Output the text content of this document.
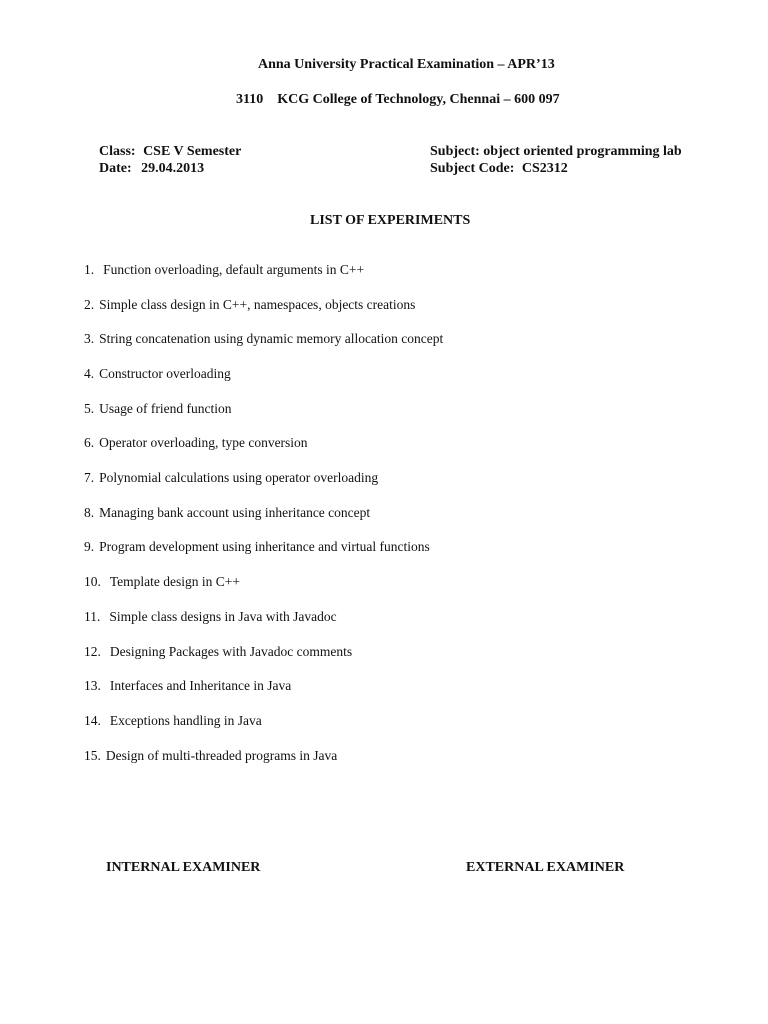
Anna University Practical Examination – APR’13
3110 KCG College of Technology, Chennai – 600 097
Class: CSE V Semester
Date: 29.04.2013
Subject: object oriented programming lab
Subject Code: CS2312
LIST OF EXPERIMENTS
1. Function overloading, default arguments in C++
2. Simple class design in C++, namespaces, objects creations
3. String concatenation using dynamic memory allocation concept
4. Constructor overloading
5. Usage of friend function
6. Operator overloading, type conversion
7. Polynomial calculations using operator overloading
8. Managing bank account using inheritance concept
9. Program development using inheritance and virtual functions
10. Template design in C++
11. Simple class designs in Java with Javadoc
12. Designing Packages with Javadoc comments
13. Interfaces and Inheritance in Java
14. Exceptions handling in Java
15. Design of multi-threaded programs in Java
INTERNAL EXAMINER	EXTERNAL EXAMINER
